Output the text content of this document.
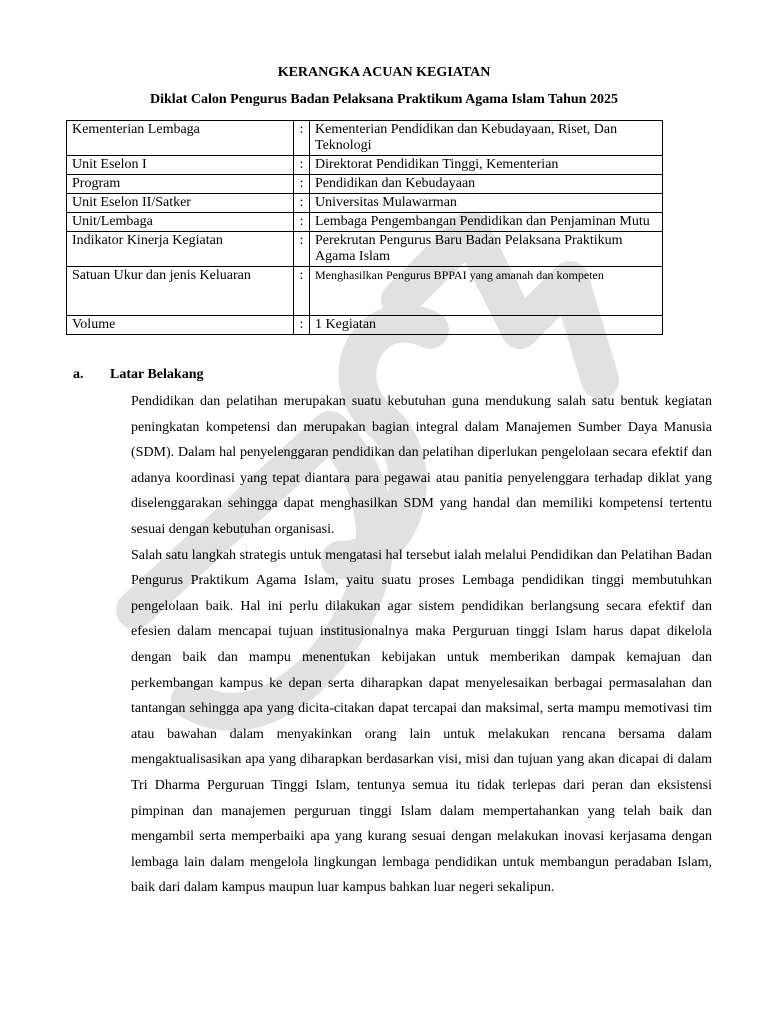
KERANGKA ACUAN KEGIATAN
Diklat Calon Pengurus Badan Pelaksana Praktikum Agama Islam Tahun 2025
Kementerian Lembaga	:	Kementerian Pendidikan dan Kebudayaan, Riset, Dan Teknologi
Unit Eselon I	:	Direktorat Pendidikan Tinggi, Kementerian
Program	:	Pendidikan dan Kebudayaan
Unit Eselon II/Satker	:	Universitas Mulawarman
Unit/Lembaga	:	Lembaga Pengembangan Pendidikan dan Penjaminan Mutu
Indikator Kinerja Kegiatan	:	Perekrutan Pengurus Baru Badan Pelaksana Praktikum Agama Islam
Satuan Ukur dan jenis Keluaran	:	Menghasilkan Pengurus BPPAI yang amanah dan kompeten
Volume	:	1 Kegiatan
a. Latar Belakang

Pendidikan dan pelatihan merupakan suatu kebutuhan guna mendukung salah satu bentuk kegiatan peningkatan kompetensi dan merupakan bagian integral dalam Manajemen Sumber Daya Manusia (SDM). Dalam hal penyelenggaran pendidikan dan pelatihan diperlukan pengelolaan secara efektif dan adanya koordinasi yang tepat diantara para pegawai atau panitia penyelenggara terhadap diklat yang diselenggarakan sehingga dapat menghasilkan SDM yang handal dan memiliki kompetensi tertentu sesuai dengan kebutuhan organisasi.

Salah satu langkah strategis untuk mengatasi hal tersebut ialah melalui Pendidikan dan Pelatihan Badan Pengurus Praktikum Agama Islam, yaitu suatu proses Lembaga pendidikan tinggi membutuhkan pengelolaan baik. Hal ini perlu dilakukan agar sistem pendidikan berlangsung secara efektif dan efesien dalam mencapai tujuan institusionalnya maka Perguruan tinggi Islam harus dapat dikelola dengan baik dan mampu menentukan kebijakan untuk memberikan dampak kemajuan dan perkembangan kampus ke depan serta diharapkan dapat menyelesaikan berbagai permasalahan dan tantangan sehingga apa yang dicita-citakan dapat tercapai dan maksimal, serta mampu memotivasi tim atau bawahan dalam menyakinkan orang lain untuk melakukan rencana bersama dalam mengaktualisasikan apa yang diharapkan berdasarkan visi, misi dan tujuan yang akan dicapai di dalam Tri Dharma Perguruan Tinggi Islam, tentunya semua itu tidak terlepas dari peran dan eksistensi pimpinan dan manajemen perguruan tinggi Islam dalam mempertahankan yang telah baik dan mengambil serta memperbaiki apa yang kurang sesuai dengan melakukan inovasi kerjasama dengan lembaga lain dalam mengelola lingkungan lembaga pendidikan untuk membangun peradaban Islam, baik dari dalam kampus maupun luar kampus bahkan luar negeri sekalipun.
